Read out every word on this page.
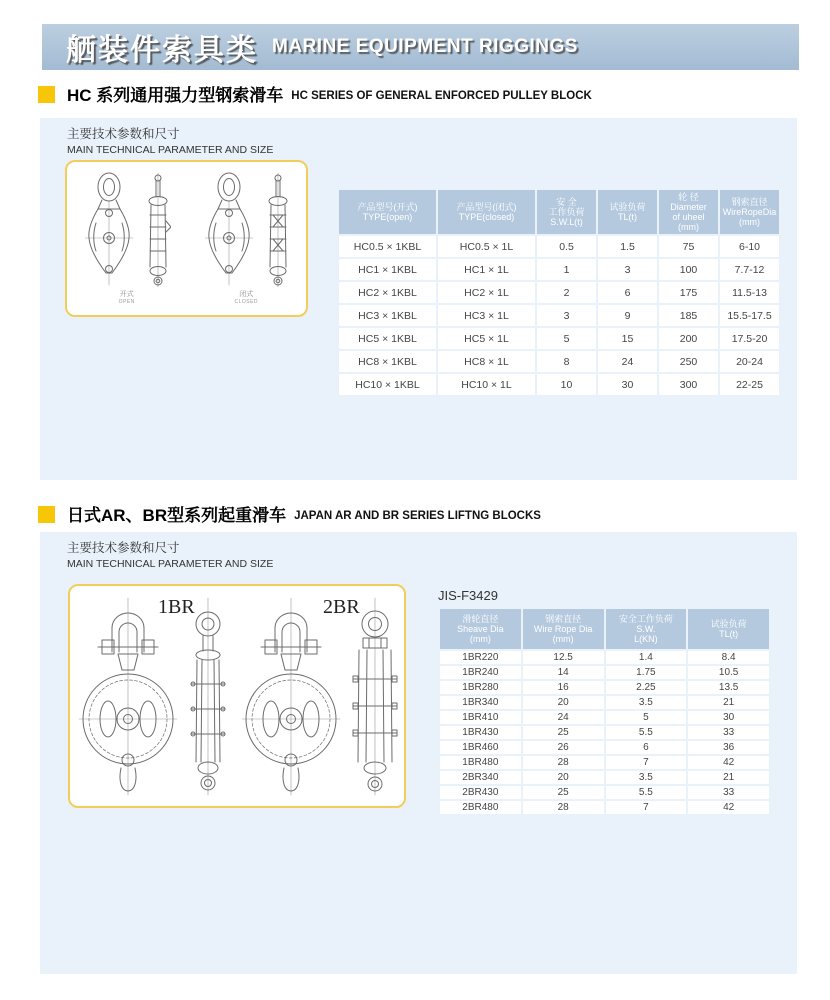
舾装件索具类 MARINE EQUIPMENT RIGGINGS
HC 系列通用强力型钢索滑车 HC SERIES OF GENERAL ENFORCED PULLEY BLOCK
主要技术参数和尺寸
MAIN TECHNICAL PARAMETER AND SIZE
开式
OPEN
闭式
CLOSED
产品型号(开式)
TYPE(open)

产品型号(闭式)
TYPE(closed)

安 全
工作负荷
S.W.L(t)

试验负荷
TL(t)

轮 径
Diameter
of uheel
(mm)

钢索直径
WireRopeDia
(mm)

HC0.5 × 1KBL	HC0.5 × 1L	0.5	1.5	75	6-10
HC1 × 1KBL	HC1 × 1L	1	3	100	7.7-12
HC2 × 1KBL	HC2 × 1L	2	6	175	11.5-13
HC3 × 1KBL	HC3 × 1L	3	9	185	15.5-17.5
HC5 × 1KBL	HC5 × 1L	5	15	200	17.5-20
HC8 × 1KBL	HC8 × 1L	8	24	250	20-24
HC10 × 1KBL	HC10 × 1L	10	30	300	22-25
日式AR、BR型系列起重滑车 JAPAN AR AND BR SERIES LIFTNG BLOCKS
主要技术参数和尺寸
MAIN TECHNICAL PARAMETER AND SIZE
1BR	2BR
JIS-F3429
滑轮直径
Sheave Dia
(mm)

钢索直径
Wire Rope Dia
(mm)

安全工作负荷
S.W.
L(KN)

试验负荷
TL(t)

1BR220	12.5	1.4	8.4
1BR240	14	1.75	10.5
1BR280	16	2.25	13.5
1BR340	20	3.5	21
1BR410	24	5	30
1BR430	25	5.5	33
1BR460	26	6	36
1BR480	28	7	42
2BR340	20	3.5	21
2BR430	25	5.5	33
2BR480	28	7	42
